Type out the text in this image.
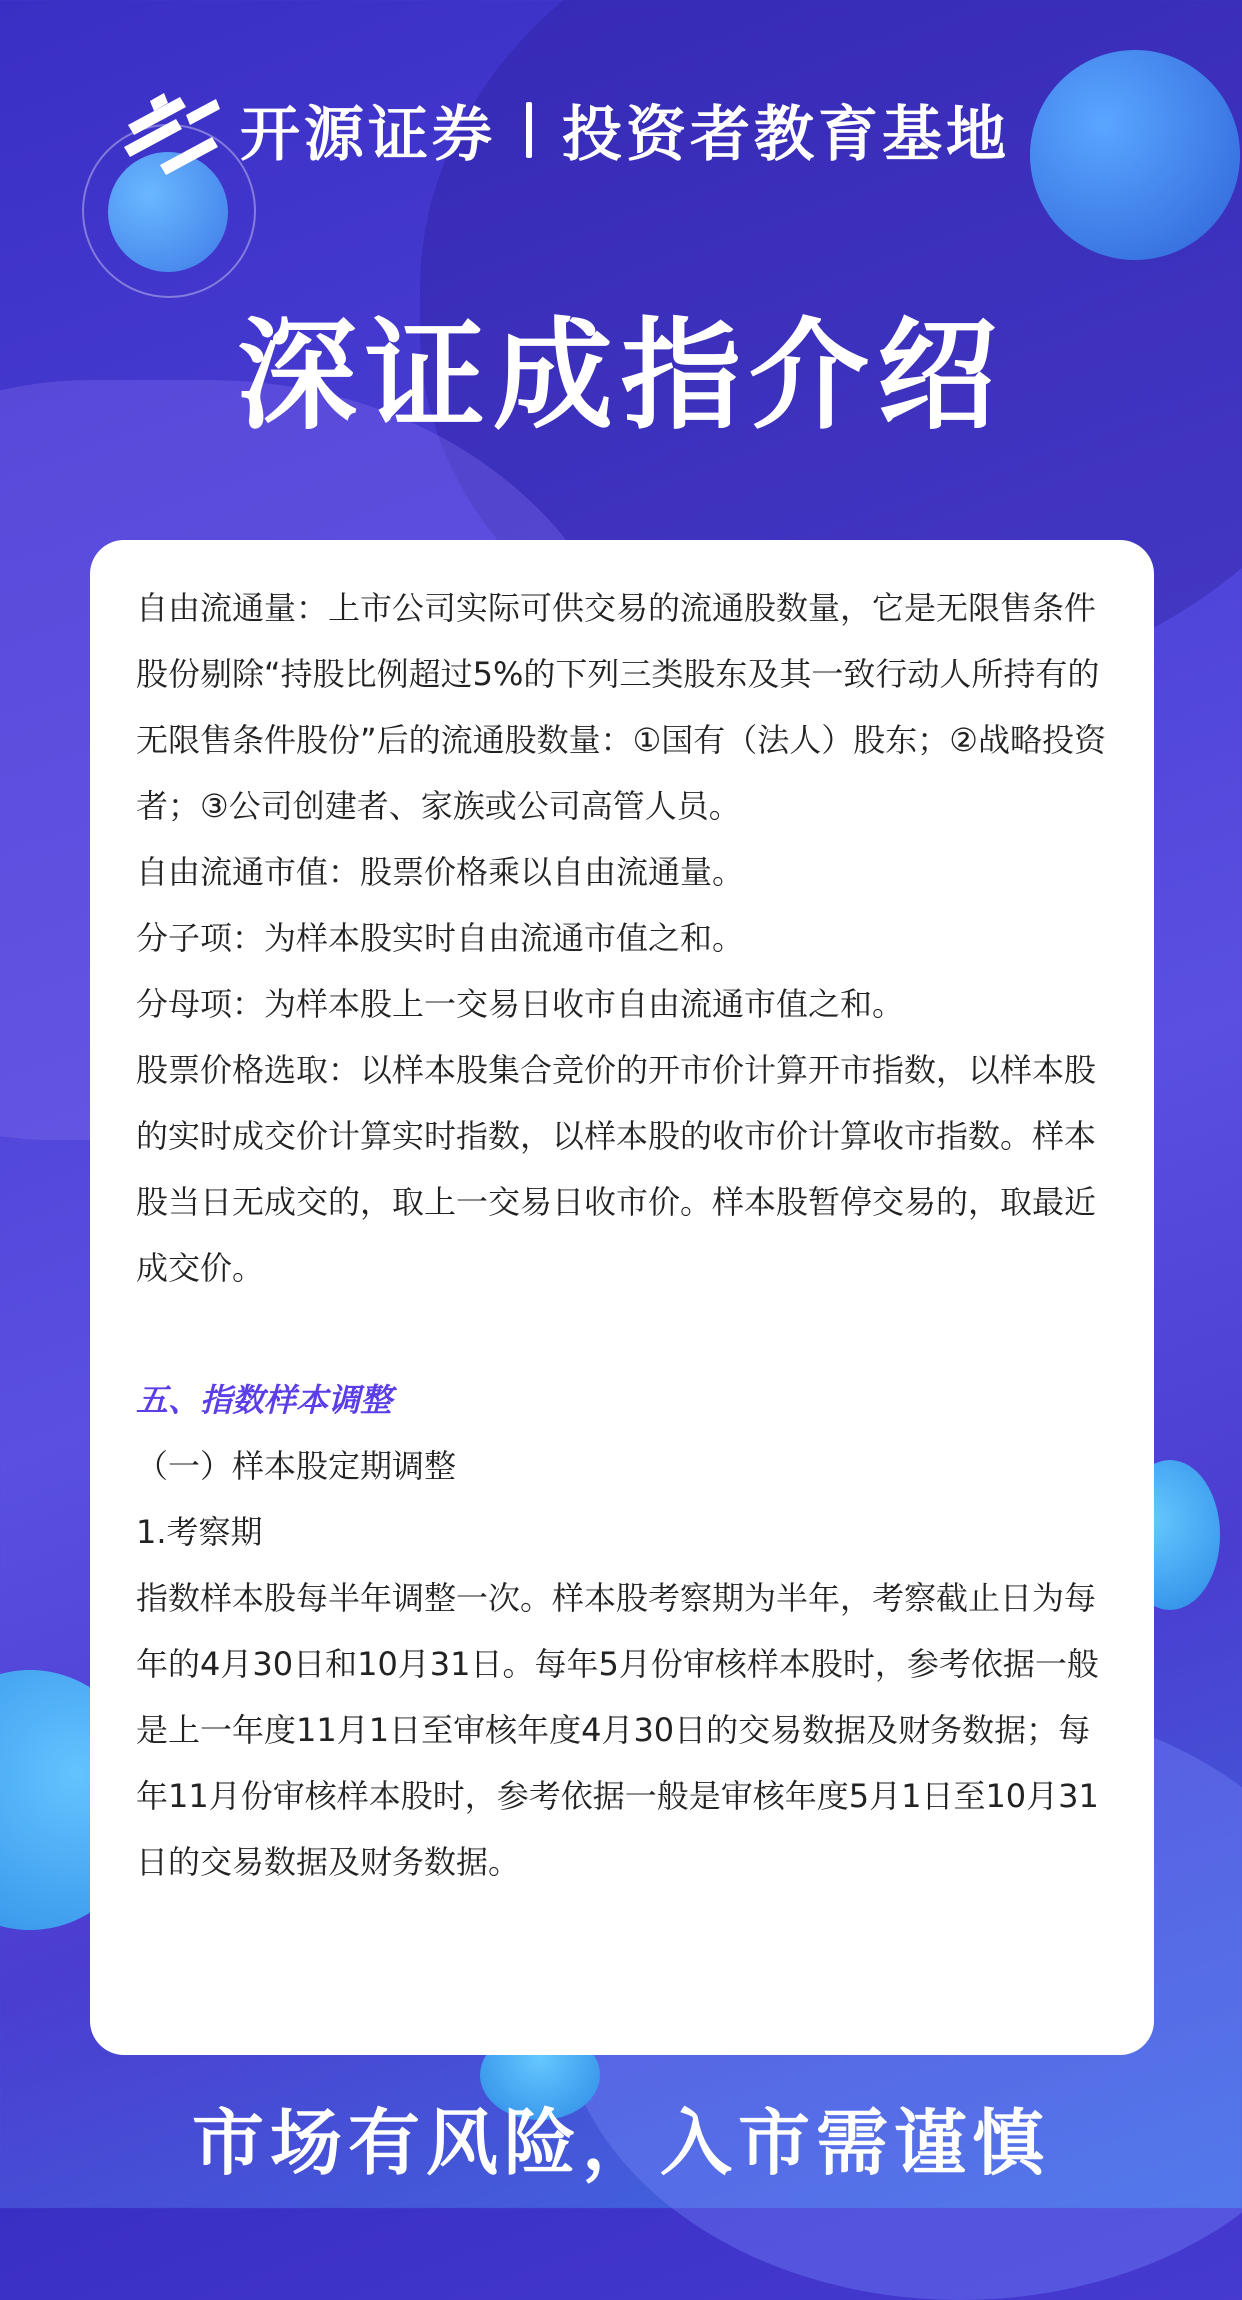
开源证券 投资者教育基地
深证成指介绍

自由流通量：上市公司实际可供交易的流通股数量，它是无限售条件股份剔除“持股比例超过5%的下列三类股东及其一致行动人所持有的无限售条件股份”后的流通股数量：①国有（法人）股东；②战略投资者；③公司创建者、家族或公司高管人员。

自由流通市值：股票价格乘以自由流通量。

分子项：为样本股实时自由流通市值之和。

分母项：为样本股上一交易日收市自由流通市值之和。

股票价格选取：以样本股集合竞价的开市价计算开市指数，以样本股的实时成交价计算实时指数，以样本股的收市价计算收市指数。样本股当日无成交的，取上一交易日收市价。样本股暂停交易的，取最近成交价。

五、指数样本调整

（一）样本股定期调整

1.考察期

指数样本股每半年调整一次。样本股考察期为半年，考察截止日为每年的4月30日和10月31日。每年5月份审核样本股时，参考依据一般是上一年度11月1日至审核年度4月30日的交易数据及财务数据；每年11月份审核样本股时，参考依据一般是审核年度5月1日至10月31日的交易数据及财务数据。

市场有风险，入市需谨慎
